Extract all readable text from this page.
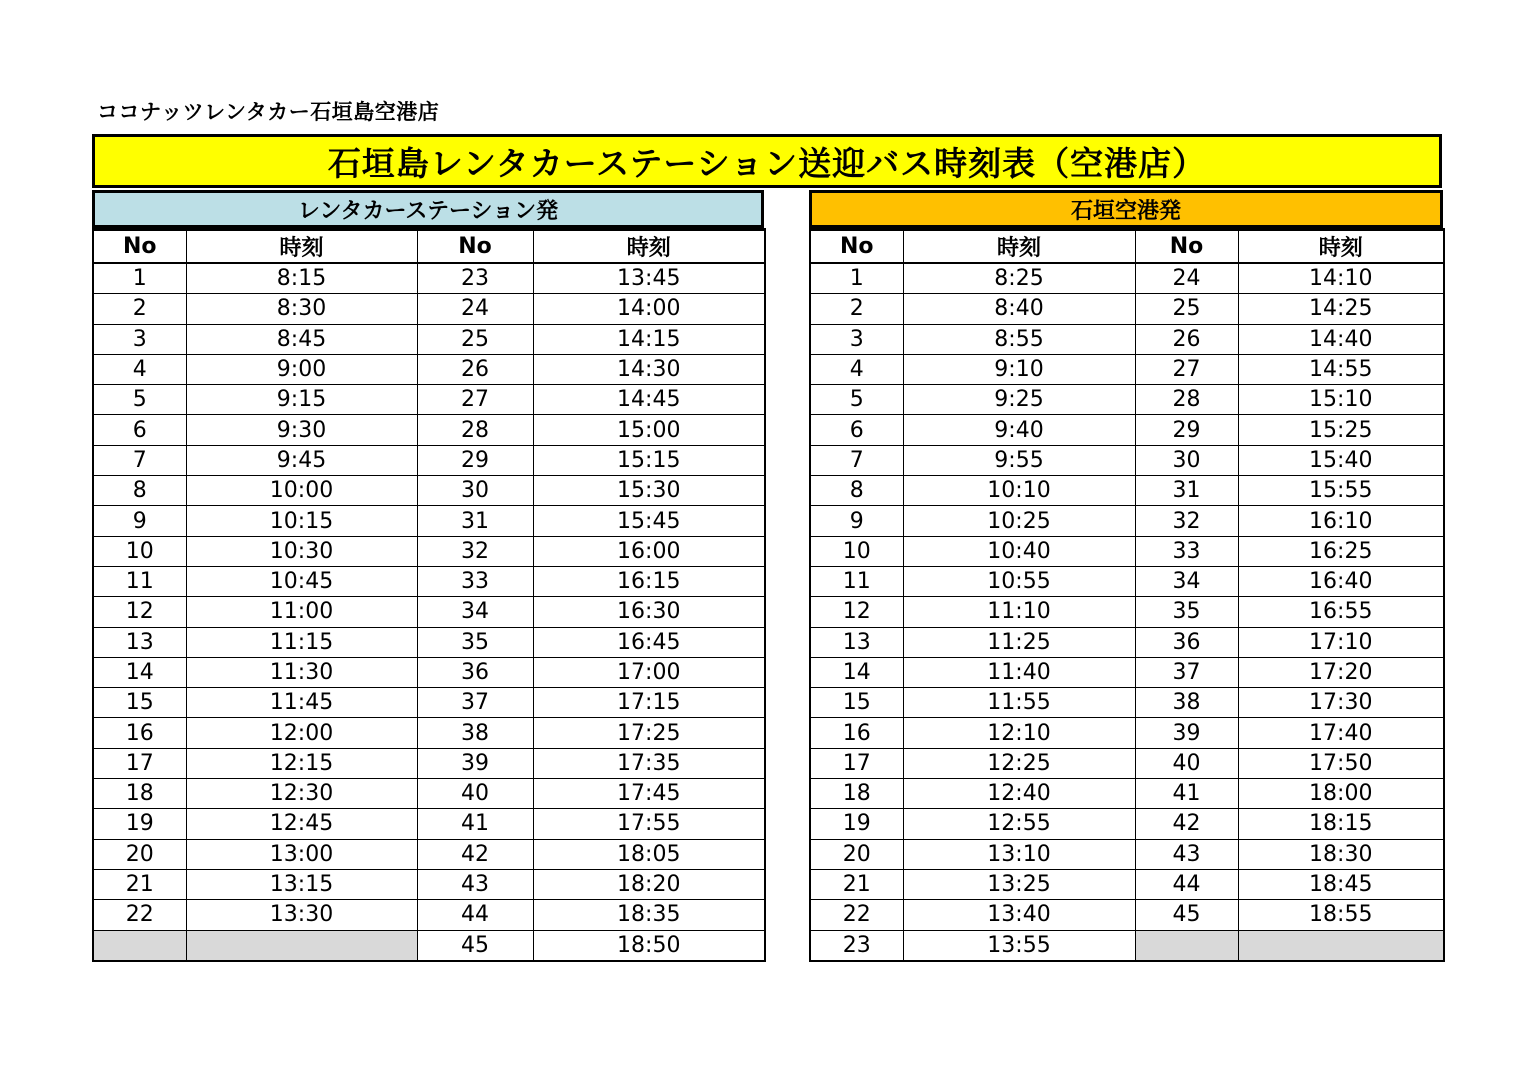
ココナッツレンタカー石垣島空港店
石垣島レンタカーステーション送迎バス時刻表（空港店）
レンタカーステーション発
No	時刻	No	時刻
1	8:15	23	13:45
2	8:30	24	14:00
3	8:45	25	14:15
4	9:00	26	14:30
5	9:15	27	14:45
6	9:30	28	15:00
7	9:45	29	15:15
8	10:00	30	15:30
9	10:15	31	15:45
10	10:30	32	16:00
11	10:45	33	16:15
12	11:00	34	16:30
13	11:15	35	16:45
14	11:30	36	17:00
15	11:45	37	17:15
16	12:00	38	17:25
17	12:15	39	17:35
18	12:30	40	17:45
19	12:45	41	17:55
20	13:00	42	18:05
21	13:15	43	18:20
22	13:30	44	18:35
		45	18:50
石垣空港発
No	時刻	No	時刻
1	8:25	24	14:10
2	8:40	25	14:25
3	8:55	26	14:40
4	9:10	27	14:55
5	9:25	28	15:10
6	9:40	29	15:25
7	9:55	30	15:40
8	10:10	31	15:55
9	10:25	32	16:10
10	10:40	33	16:25
11	10:55	34	16:40
12	11:10	35	16:55
13	11:25	36	17:10
14	11:40	37	17:20
15	11:55	38	17:30
16	12:10	39	17:40
17	12:25	40	17:50
18	12:40	41	18:00
19	12:55	42	18:15
20	13:10	43	18:30
21	13:25	44	18:45
22	13:40	45	18:55
23	13:55		
